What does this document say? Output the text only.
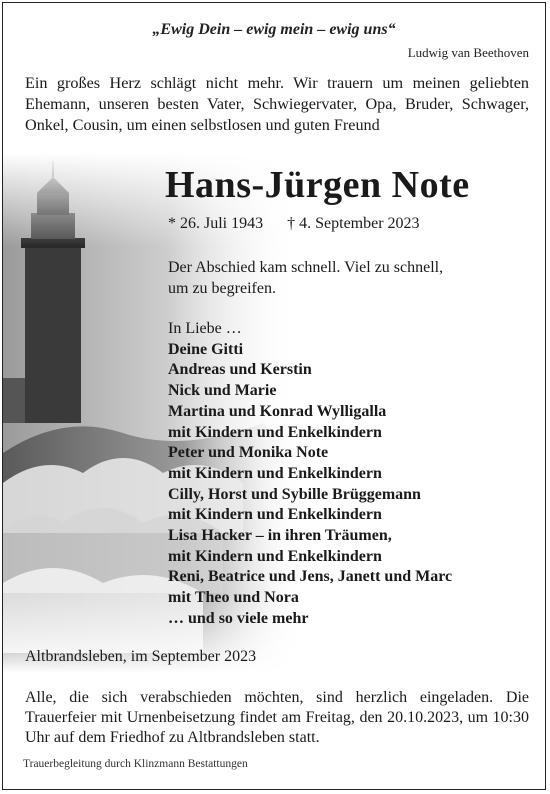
„Ewig Dein – ewig mein – ewig uns“
Ludwig van Beethoven
Ein großes Herz schlägt nicht mehr. Wir trauern um meinen geliebten Ehemann, unseren besten Vater, Schwiegervater, Opa, Bruder, Schwager, Onkel, Cousin, um einen selbstlosen und guten Freund
Hans-Jürgen Note
* 26. Juli 1943 † 4. September 2023
Der Abschied kam schnell. Viel zu schnell,
um zu begreifen.
In Liebe …
Deine Gitti
Andreas und Kerstin
Nick und Marie
Martina und Konrad Wylligalla
mit Kindern und Enkelkindern
Peter und Monika Note
mit Kindern und Enkelkindern
Cilly, Horst und Sybille Brüggemann
mit Kindern und Enkelkindern
Lisa Hacker – in ihren Träumen,
mit Kindern und Enkelkindern
Reni, Beatrice und Jens, Janett und Marc
mit Theo und Nora
… und so viele mehr
Altbrandsleben, im September 2023
Alle, die sich verabschieden möchten, sind herzlich eingeladen. Die Trauerfeier mit Urnenbeisetzung findet am Freitag, den 20.10.2023, um 10:30 Uhr auf dem Friedhof zu Altbrandsleben statt.
Trauerbegleitung durch Klinzmann Bestattungen
